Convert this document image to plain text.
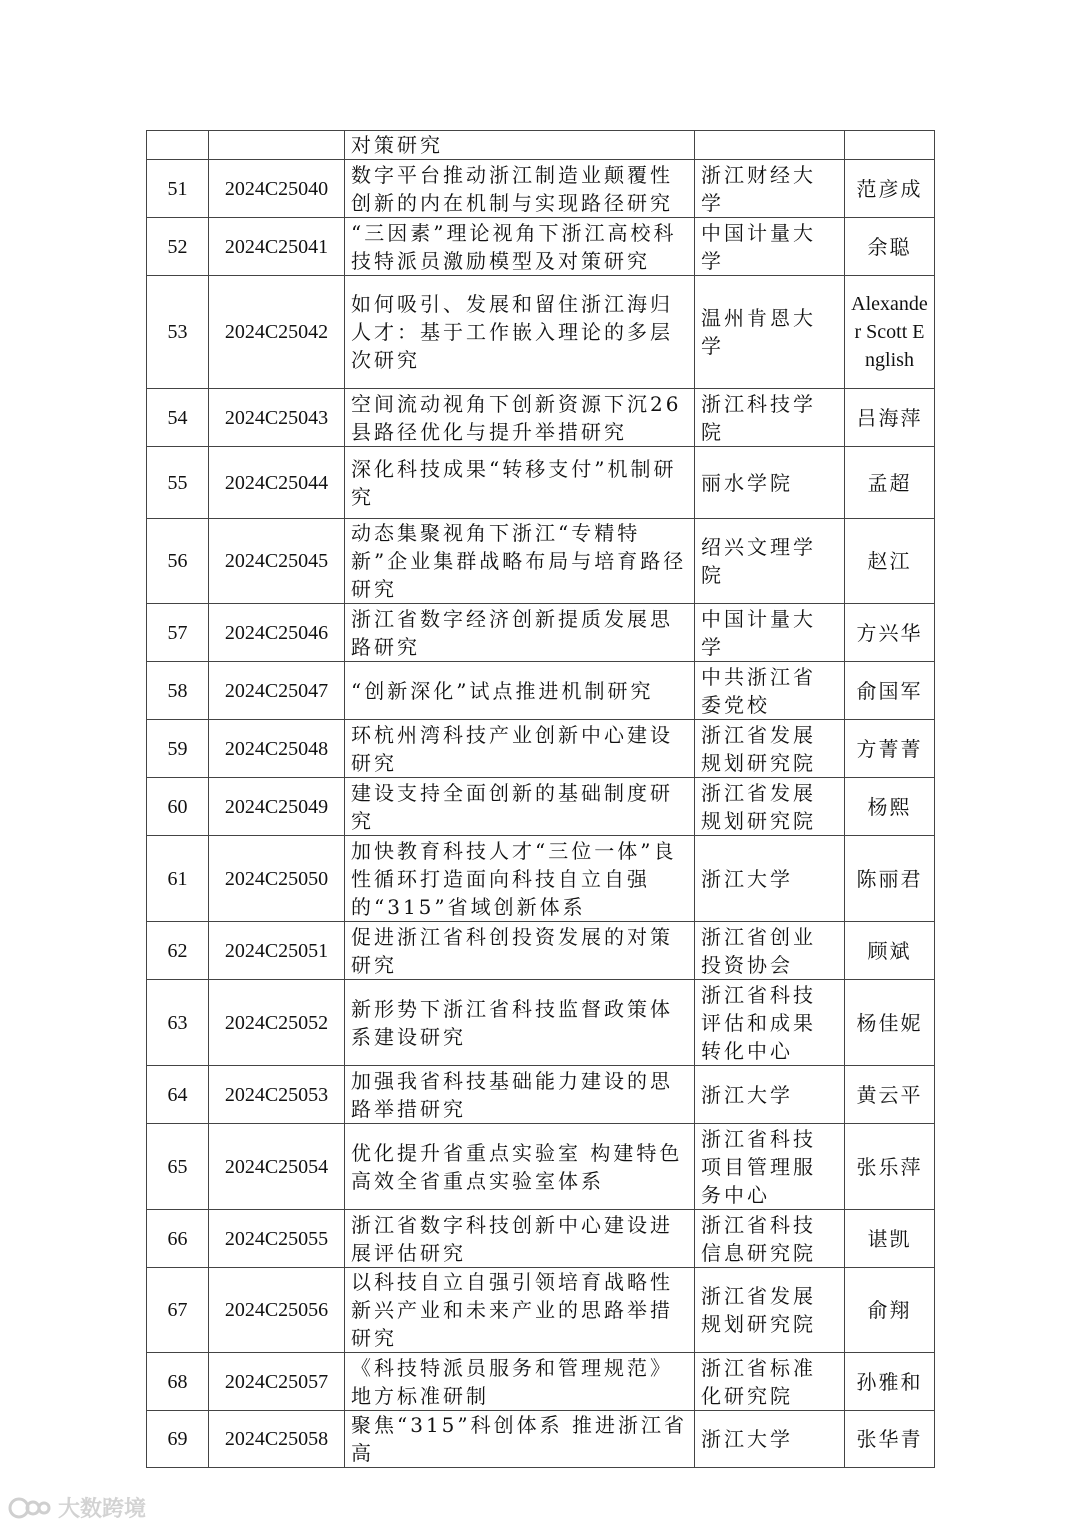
		对策研究		
51	2024C25040	数字平台推动浙江制造业颠覆性创新的内在机制与实现路径研究	浙江财经大学	范彦成
52	2024C25041	“三因素”理论视角下浙江高校科技特派员激励模型及对策研究	中国计量大学	余聪
53	2024C25042	如何吸引、发展和留住浙江海归人才：基于工作嵌入理论的多层次研究	温州肯恩大学	Alexander Scott English
54	2024C25043	空间流动视角下创新资源下沉26县路径优化与提升举措研究	浙江科技学院	吕海萍
55	2024C25044	深化科技成果“转移支付”机制研究	丽水学院	孟超
56	2024C25045	动态集聚视角下浙江“专精特新”企业集群战略布局与培育路径研究	绍兴文理学院	赵江
57	2024C25046	浙江省数字经济创新提质发展思路研究	中国计量大学	方兴华
58	2024C25047	“创新深化”试点推进机制研究	中共浙江省委党校	俞国军
59	2024C25048	环杭州湾科技产业创新中心建设研究	浙江省发展规划研究院	方菁菁
60	2024C25049	建设支持全面创新的基础制度研究	浙江省发展规划研究院	杨熙
61	2024C25050	加快教育科技人才“三位一体”良性循环打造面向科技自立自强的“315”省域创新体系	浙江大学	陈丽君
62	2024C25051	促进浙江省科创投资发展的对策研究	浙江省创业投资协会	顾斌
63	2024C25052	新形势下浙江省科技监督政策体系建设研究	浙江省科技评估和成果转化中心	杨佳妮
64	2024C25053	加强我省科技基础能力建设的思路举措研究	浙江大学	黄云平
65	2024C25054	优化提升省重点实验室 构建特色高效全省重点实验室体系	浙江省科技项目管理服务中心	张乐萍
66	2024C25055	浙江省数字科技创新中心建设进展评估研究	浙江省科技信息研究院	谌凯
67	2024C25056	以科技自立自强引领培育战略性新兴产业和未来产业的思路举措研究	浙江省发展规划研究院	俞翔
68	2024C25057	《科技特派员服务和管理规范》地方标准研制	浙江省标准化研究院	孙雅和
69	2024C25058	聚焦“315”科创体系 推进浙江省高	浙江大学	张华青
大数跨境
